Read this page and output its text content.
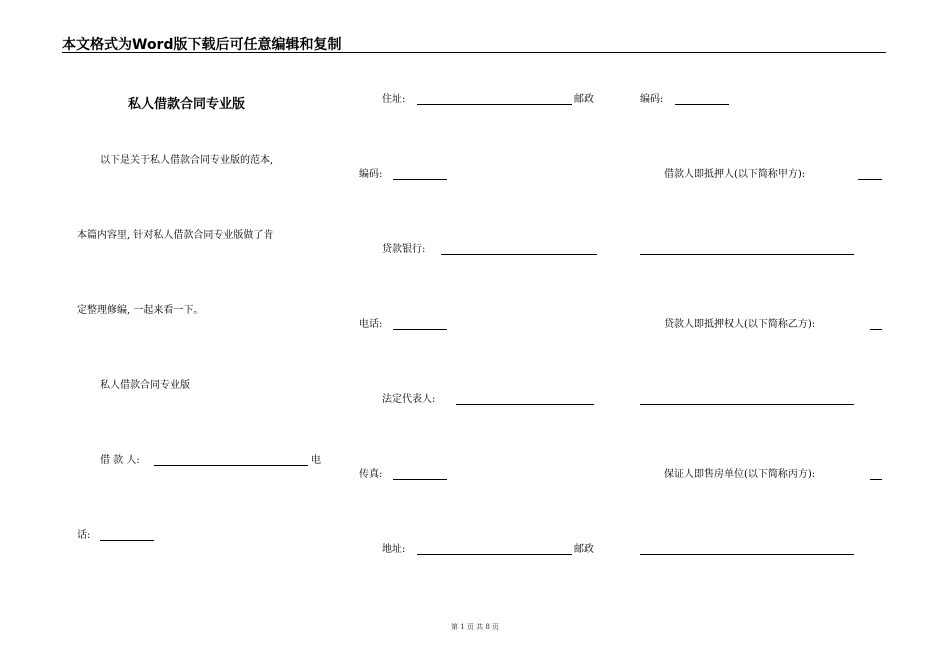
本文格式为Word版下载后可任意编辑和复制
私人借款合同专业版
以下是关于私人借款合同专业版的范本,
本篇内容里, 针对私人借款合同专业版做了肯
定整理修编, 一起来看一下。
私人借款合同专业版
借 款 人:	电
话:
住址:	邮政
编码:
贷款银行:
电话:
法定代表人:
传真:
地址:	邮政
编码:
借款人即抵押人(以下简称甲方):
贷款人即抵押权人(以下简称乙方):
保证人即售房单位(以下简称丙方):
第 1 页 共 8 页
